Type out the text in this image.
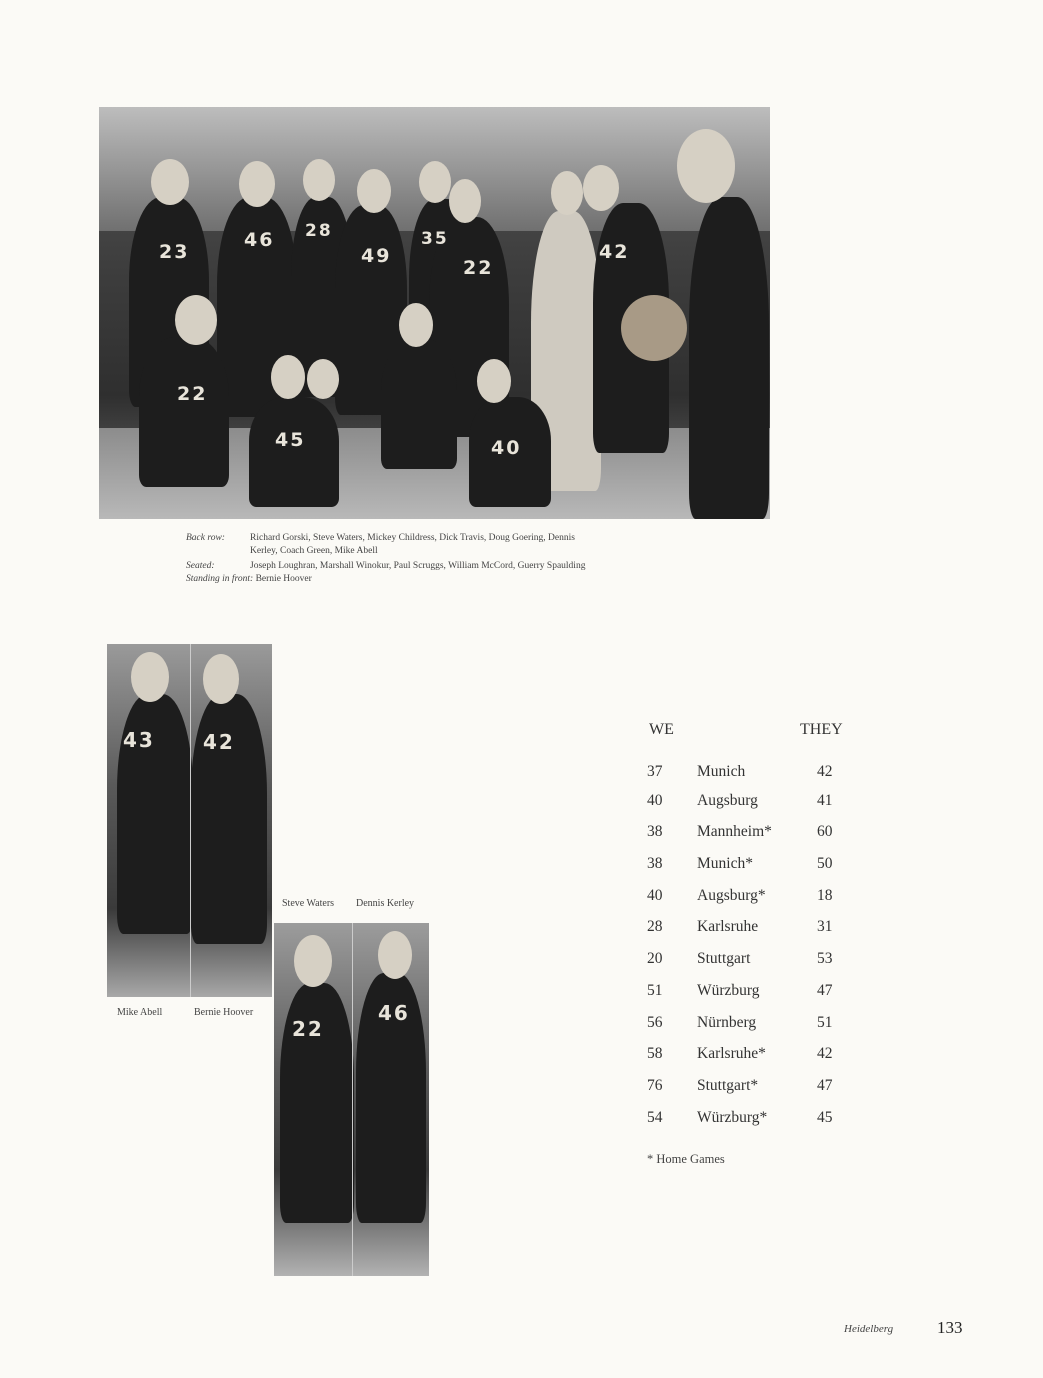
23
46 28
49
35
22
42
22
45	40
Back row:	Richard Gorski, Steve Waters, Mickey Childress, Dick Travis, Doug Goering, Dennis
Kerley, Coach Green, Mike Abell
Seated:	Joseph Loughran, Marshall Winokur, Paul Scruggs, William McCord, Guerry Spaulding
Standing in front: Bernie Hoover
43 42
Mike Abell	Bernie Hoover
Steve Waters Dennis Kerley
22
46
WE	THEY
37 Munich	42
40 Augsburg	41
38 Mannheim*	60
38 Munich*	50
40 Augsburg*	18
28 Karlsruhe	31
20 Stuttgart	53
51 Würzburg	47
56 Nürnberg	51
58 Karlsruhe*	42
76 Stuttgart*	47
54 Würzburg*	45
* Home Games
Heidelberg	133
